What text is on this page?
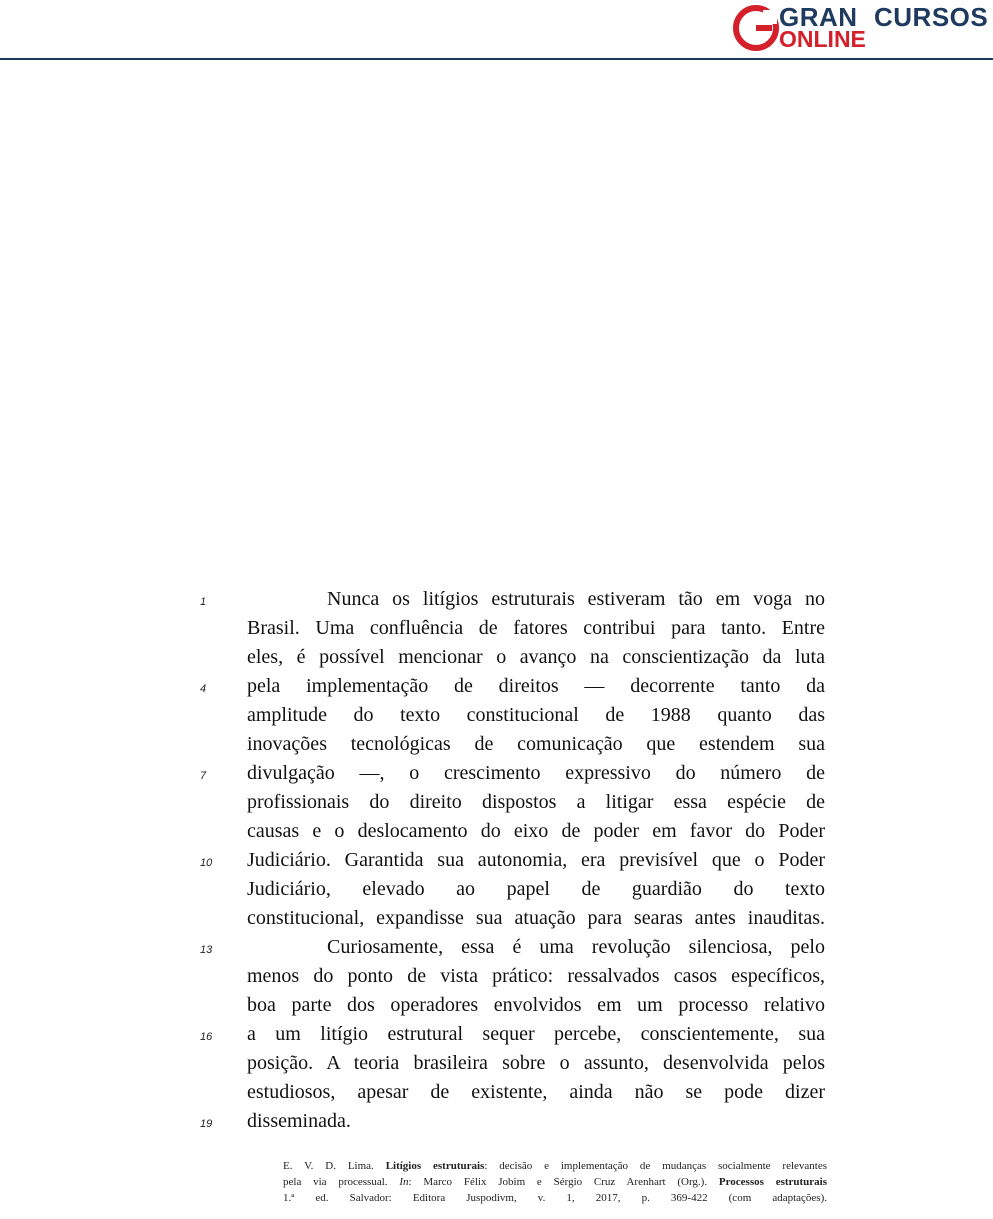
GRAN CURSOS
ONLINE
1	Nunca os litígios estruturais estiveram tão em voga no
Brasil. Uma confluência de fatores contribui para tanto. Entre
eles, é possível mencionar o avanço na conscientização da luta
4	pela implementação de direitos — decorrente tanto da
amplitude do texto constitucional de 1988 quanto das
inovações tecnológicas de comunicação que estendem sua
7	divulgação —, o crescimento expressivo do número de
profissionais do direito dispostos a litigar essa espécie de
causas e o deslocamento do eixo de poder em favor do Poder
10	Judiciário. Garantida sua autonomia, era previsível que o Poder
Judiciário, elevado ao papel de guardião do texto
constitucional, expandisse sua atuação para searas antes inauditas.
13	Curiosamente, essa é uma revolução silenciosa, pelo
menos do ponto de vista prático: ressalvados casos específicos,
boa parte dos operadores envolvidos em um processo relativo
16	a um litígio estrutural sequer percebe, conscientemente, sua
posição. A teoria brasileira sobre o assunto, desenvolvida pelos
estudiosos, apesar de existente, ainda não se pode dizer
19	disseminada.
E. V. D. Lima. Litígios estruturais: decisão e implementação de mudanças socialmente relevantes
pela via processual. In: Marco Félix Jobim e Sérgio Cruz Arenhart (Org.). Processos estruturais
1.ª ed. Salvador: Editora Juspodivm, v. 1, 2017, p. 369-422 (com adaptações).
